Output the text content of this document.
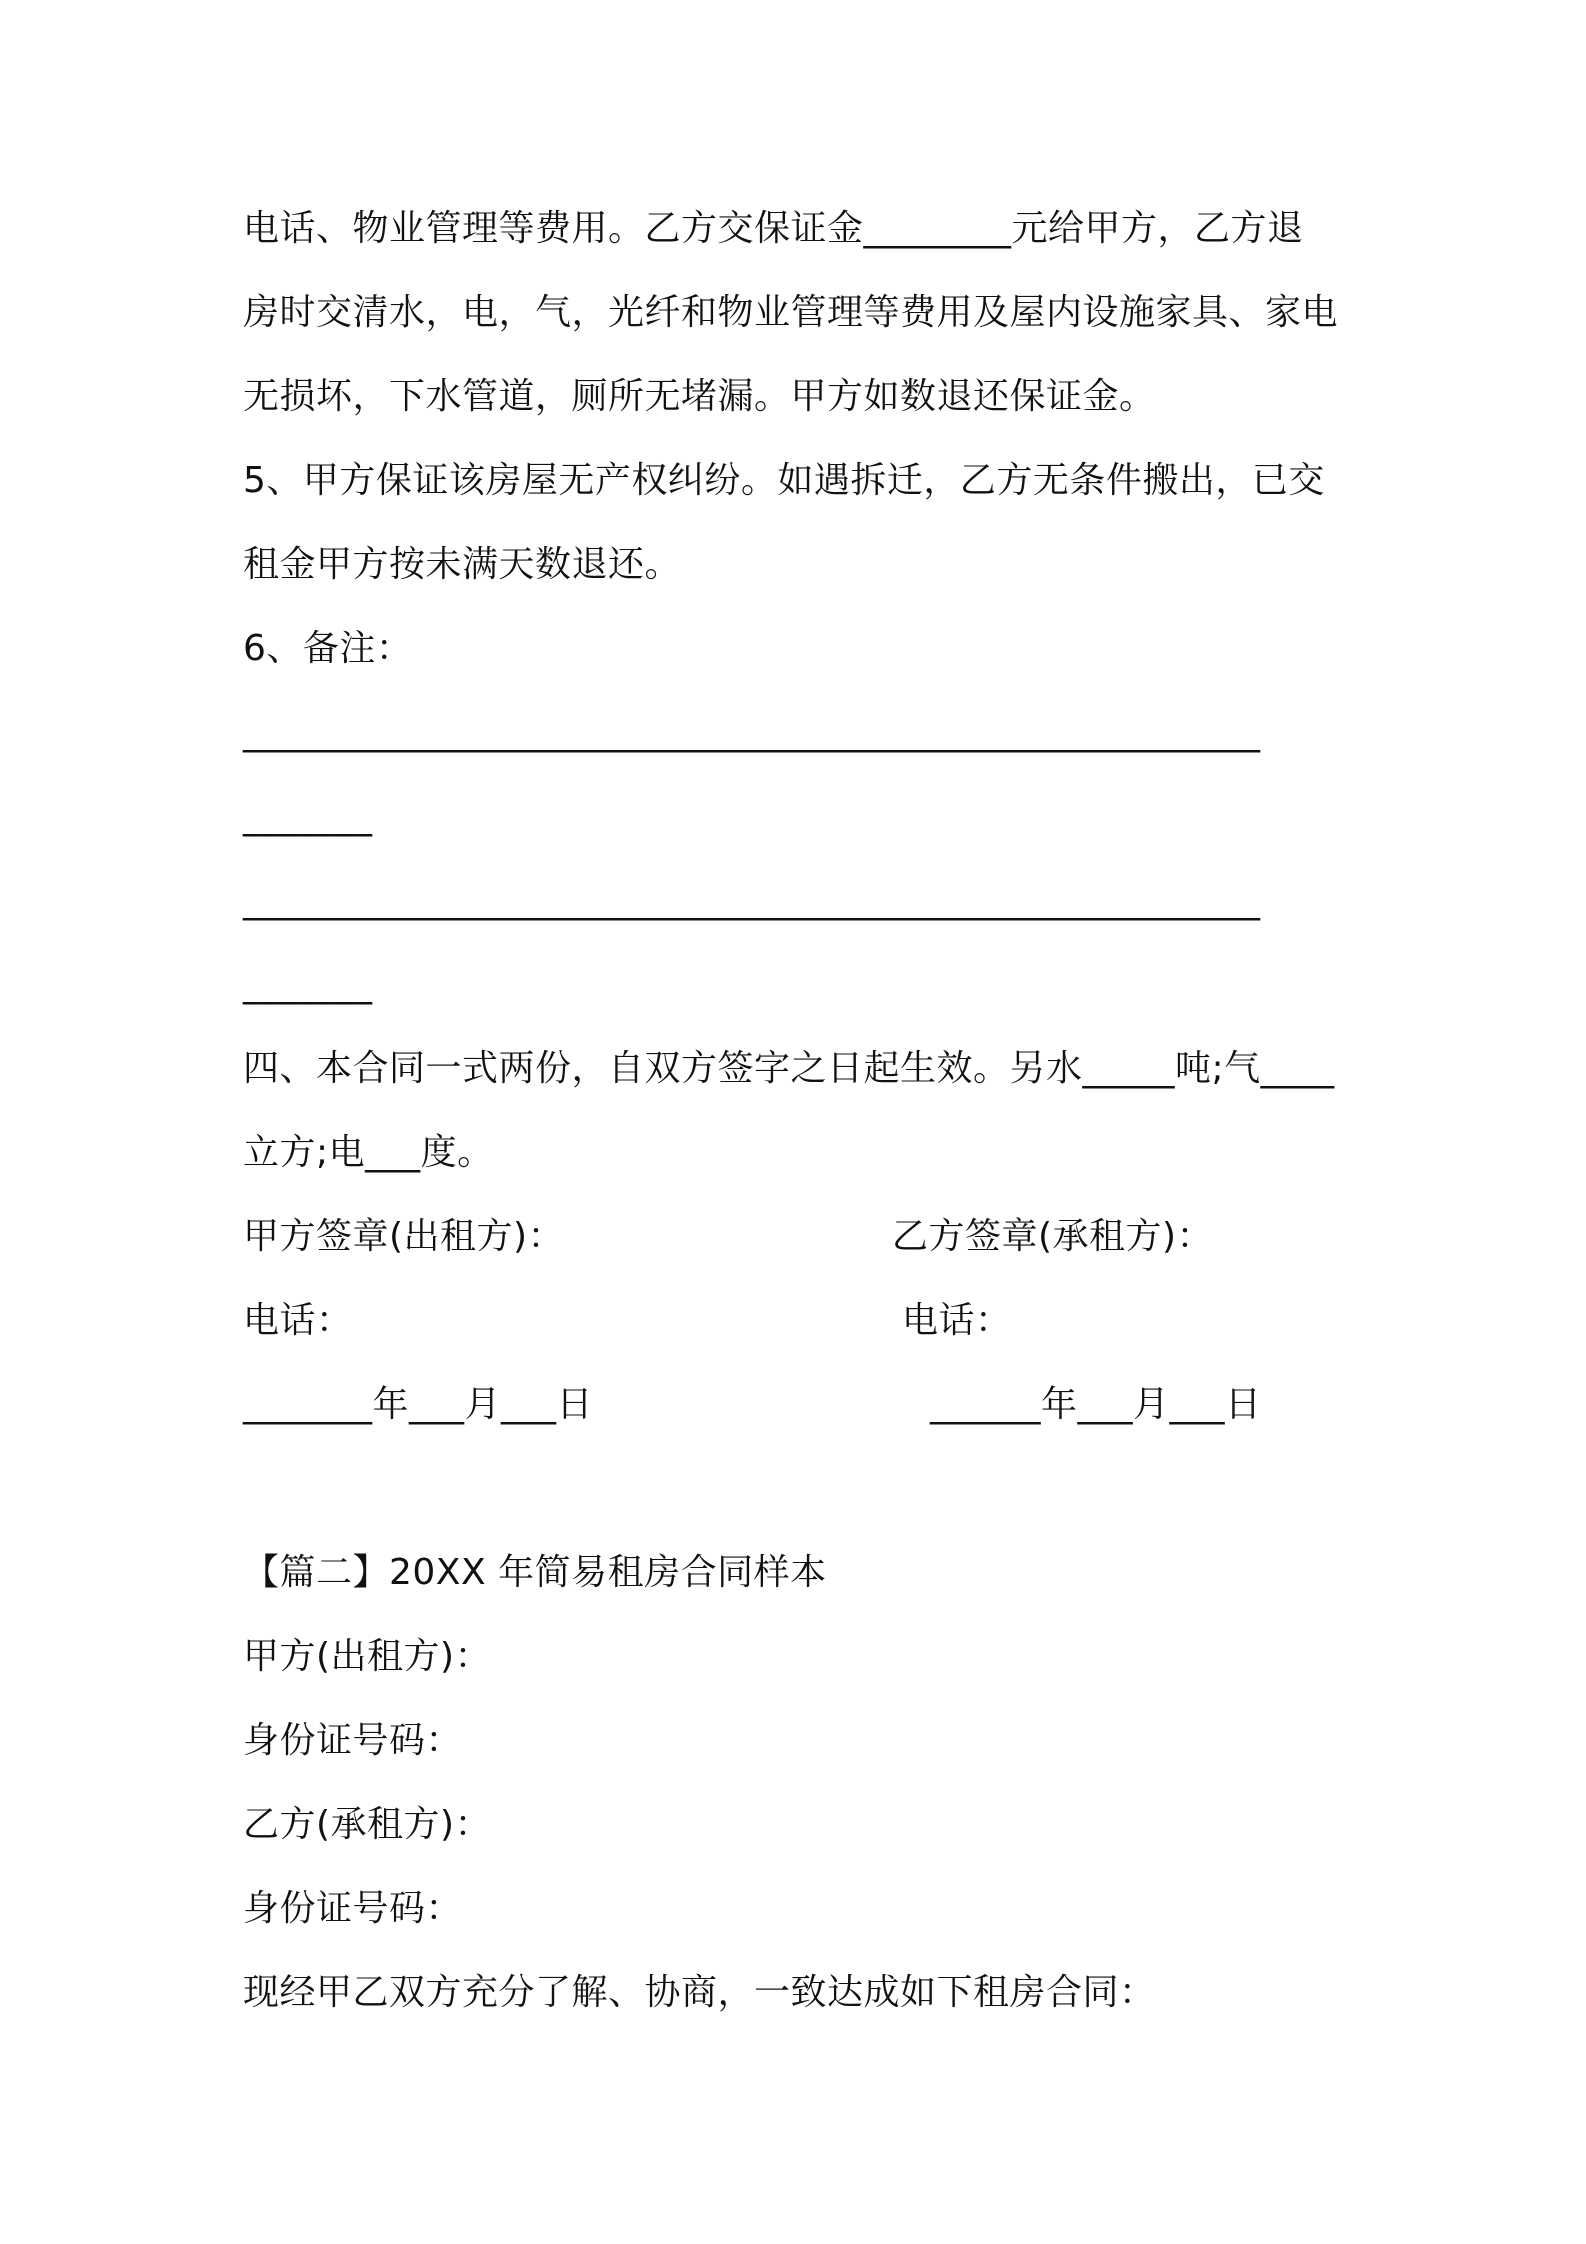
电话、物业管理等费用。乙方交保证金________元给甲方，乙方退
房时交清水，电，气，光纤和物业管理等费用及屋内设施家具、家电
无损坏，下水管道，厕所无堵漏。甲方如数退还保证金。
5、甲方保证该房屋无产权纠纷。如遇拆迁，乙方无条件搬出，已交
租金甲方按未满天数退还。
6、备注：
_______________________________________________________
_______
_______________________________________________________
_______
四、本合同一式两份，自双方签字之日起生效。另水_____吨;气____
立方;电___度。
甲方签章(出租方)：	乙方签章(承租方)：
电话：	电话：
_______年___月___日	______年___月___日
【篇二】20XX 年简易租房合同样本
甲方(出租方)：
身份证号码：
乙方(承租方)：
身份证号码：
现经甲乙双方充分了解、协商，一致达成如下租房合同：
